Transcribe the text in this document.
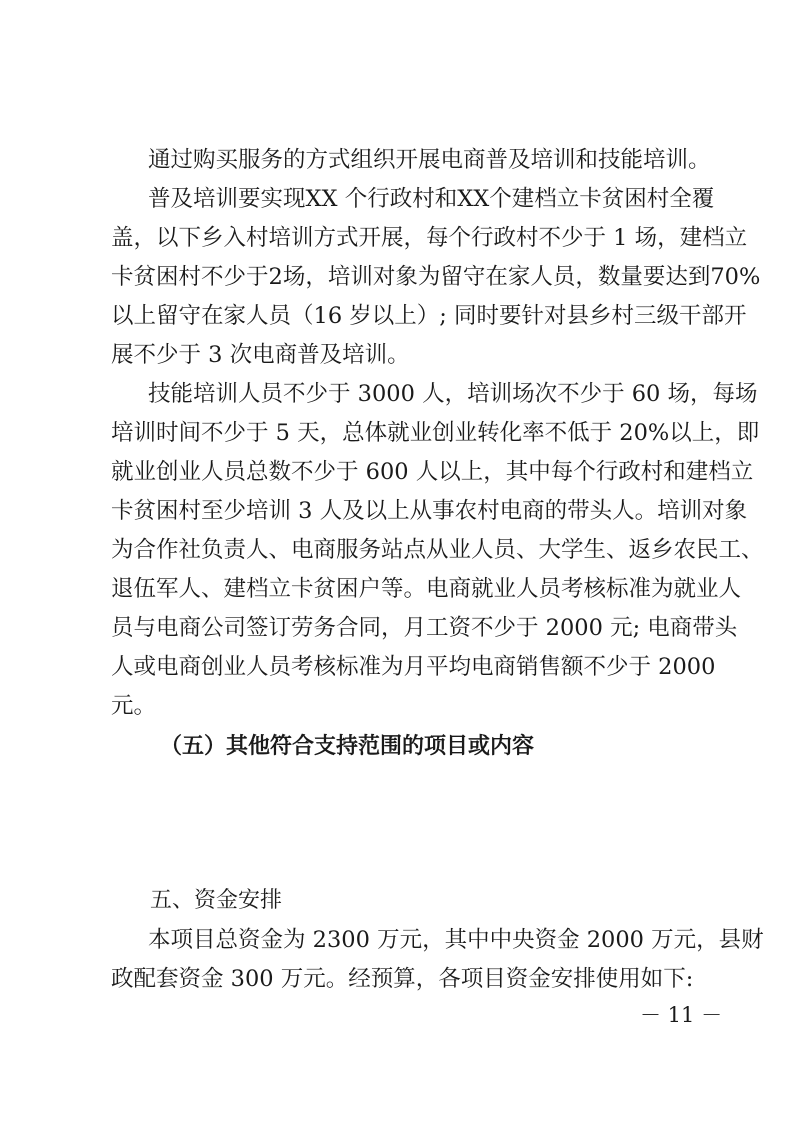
通过购买服务的方式组织开展电商普及培训和技能培训。

普及培训要实现XX 个行政村和XX个建档立卡贫困村全覆

盖，以下乡入村培训方式开展，每个行政村不少于 1 场，建档立

卡贫困村不少于2场，培训对象为留守在家人员，数量要达到70%

以上留守在家人员（16 岁以上）; 同时要针对县乡村三级干部开

展不少于 3 次电商普及培训。

技能培训人员不少于 3000 人，培训场次不少于 60 场，每场

培训时间不少于 5 天，总体就业创业转化率不低于 20%以上，即

就业创业人员总数不少于 600 人以上，其中每个行政村和建档立

卡贫困村至少培训 3 人及以上从事农村电商的带头人。培训对象

为合作社负责人、电商服务站点从业人员、大学生、返乡农民工、

退伍军人、建档立卡贫困户等。电商就业人员考核标准为就业人

员与电商公司签订劳务合同，月工资不少于 2000 元; 电商带头

人或电商创业人员考核标准为月平均电商销售额不少于 2000

元。

（五）其他符合支持范围的项目或内容
五、资金安排

本项目总资金为 2300 万元，其中中央资金 2000 万元，县财

政配套资金 300 万元。经预算，各项目资金安排使用如下:

－ 11 －
